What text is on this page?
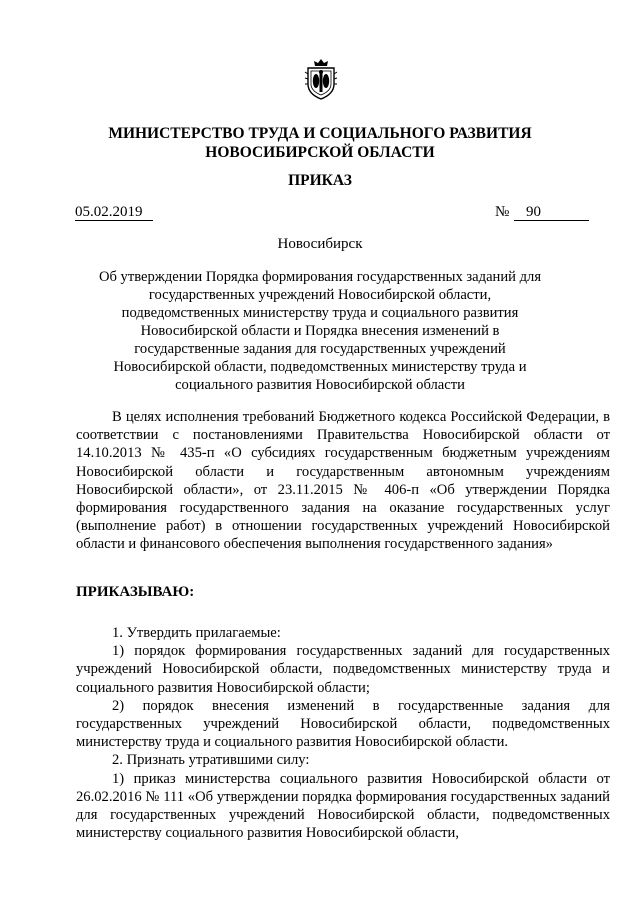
МИНИСТЕРСТВО ТРУДА И СОЦИАЛЬНОГО РАЗВИТИЯ
НОВОСИБИРСКОЙ ОБЛАСТИ
ПРИКАЗ
05.02.2019	№	90
Новосибирск
Об утверждении Порядка формирования государственных заданий для государственных учреждений Новосибирской области, подведомственных министерству труда и социального развития Новосибирской области и Порядка внесения изменений в государственные задания для государственных учреждений Новосибирской области, подведомственных министерству труда и социального развития Новосибирской области
В целях исполнения требований Бюджетного кодекса Российской Федерации, в соответствии с постановлениями Правительства Новосибирской области от 14.10.2013 № 435-п «О субсидиях государственным бюджетным учреждениям Новосибирской области и государственным автономным учреждениям Новосибирской области», от 23.11.2015 № 406-п «Об утверждении Порядка формирования государственного задания на оказание государственных услуг (выполнение работ) в отношении государственных учреждений Новосибирской области и финансового обеспечения выполнения государственного задания»
ПРИКАЗЫВАЮ:

1. Утвердить прилагаемые:

1) порядок формирования государственных заданий для государственных учреждений Новосибирской области, подведомственных министерству труда и социального развития Новосибирской области;

2) порядок внесения изменений в государственные задания для государственных учреждений Новосибирской области, подведомственных министерству труда и социального развития Новосибирской области.

2. Признать утратившими силу:

1) приказ министерства социального развития Новосибирской области от 26.02.2016 № 111 «Об утверждении порядка формирования государственных заданий для государственных учреждений Новосибирской области, подведомственных министерству социального развития Новосибирской области,
